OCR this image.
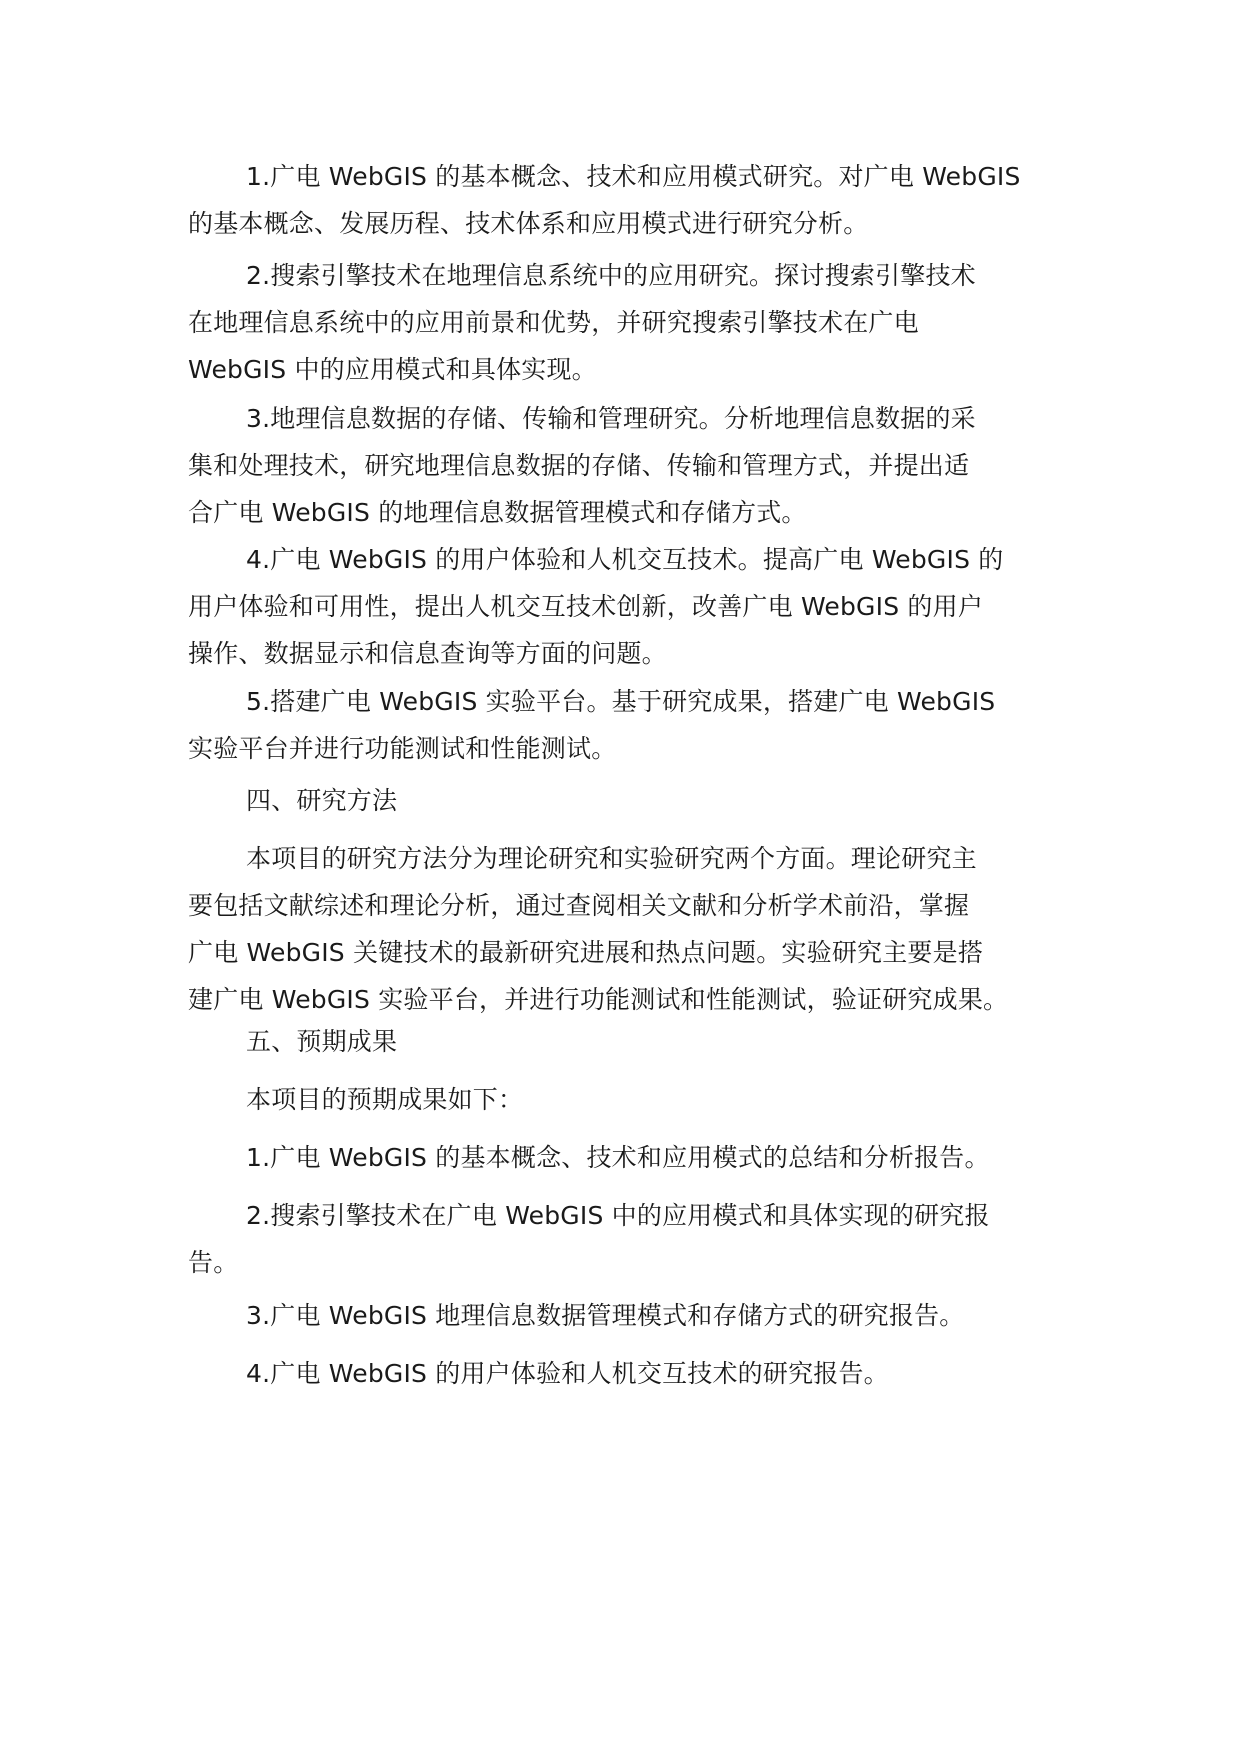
1.广电 WebGIS 的基本概念、技术和应用模式研究。对广电 WebGIS
的基本概念、发展历程、技术体系和应用模式进行研究分析。

2.搜索引擎技术在地理信息系统中的应用研究。探讨搜索引擎技术
在地理信息系统中的应用前景和优势，并研究搜索引擎技术在广电
WebGIS 中的应用模式和具体实现。

3.地理信息数据的存储、传输和管理研究。分析地理信息数据的采
集和处理技术，研究地理信息数据的存储、传输和管理方式，并提出适
合广电 WebGIS 的地理信息数据管理模式和存储方式。

4.广电 WebGIS 的用户体验和人机交互技术。提高广电 WebGIS 的
用户体验和可用性，提出人机交互技术创新，改善广电 WebGIS 的用户
操作、数据显示和信息查询等方面的问题。

5.搭建广电 WebGIS 实验平台。基于研究成果，搭建广电 WebGIS
实验平台并进行功能测试和性能测试。

四、研究方法

本项目的研究方法分为理论研究和实验研究两个方面。理论研究主
要包括文献综述和理论分析，通过查阅相关文献和分析学术前沿，掌握
广电 WebGIS 关键技术的最新研究进展和热点问题。实验研究主要是搭
建广电 WebGIS 实验平台，并进行功能测试和性能测试，验证研究成果。

五、预期成果

本项目的预期成果如下：

1.广电 WebGIS 的基本概念、技术和应用模式的总结和分析报告。

2.搜索引擎技术在广电 WebGIS 中的应用模式和具体实现的研究报
告。

3.广电 WebGIS 地理信息数据管理模式和存储方式的研究报告。

4.广电 WebGIS 的用户体验和人机交互技术的研究报告。
